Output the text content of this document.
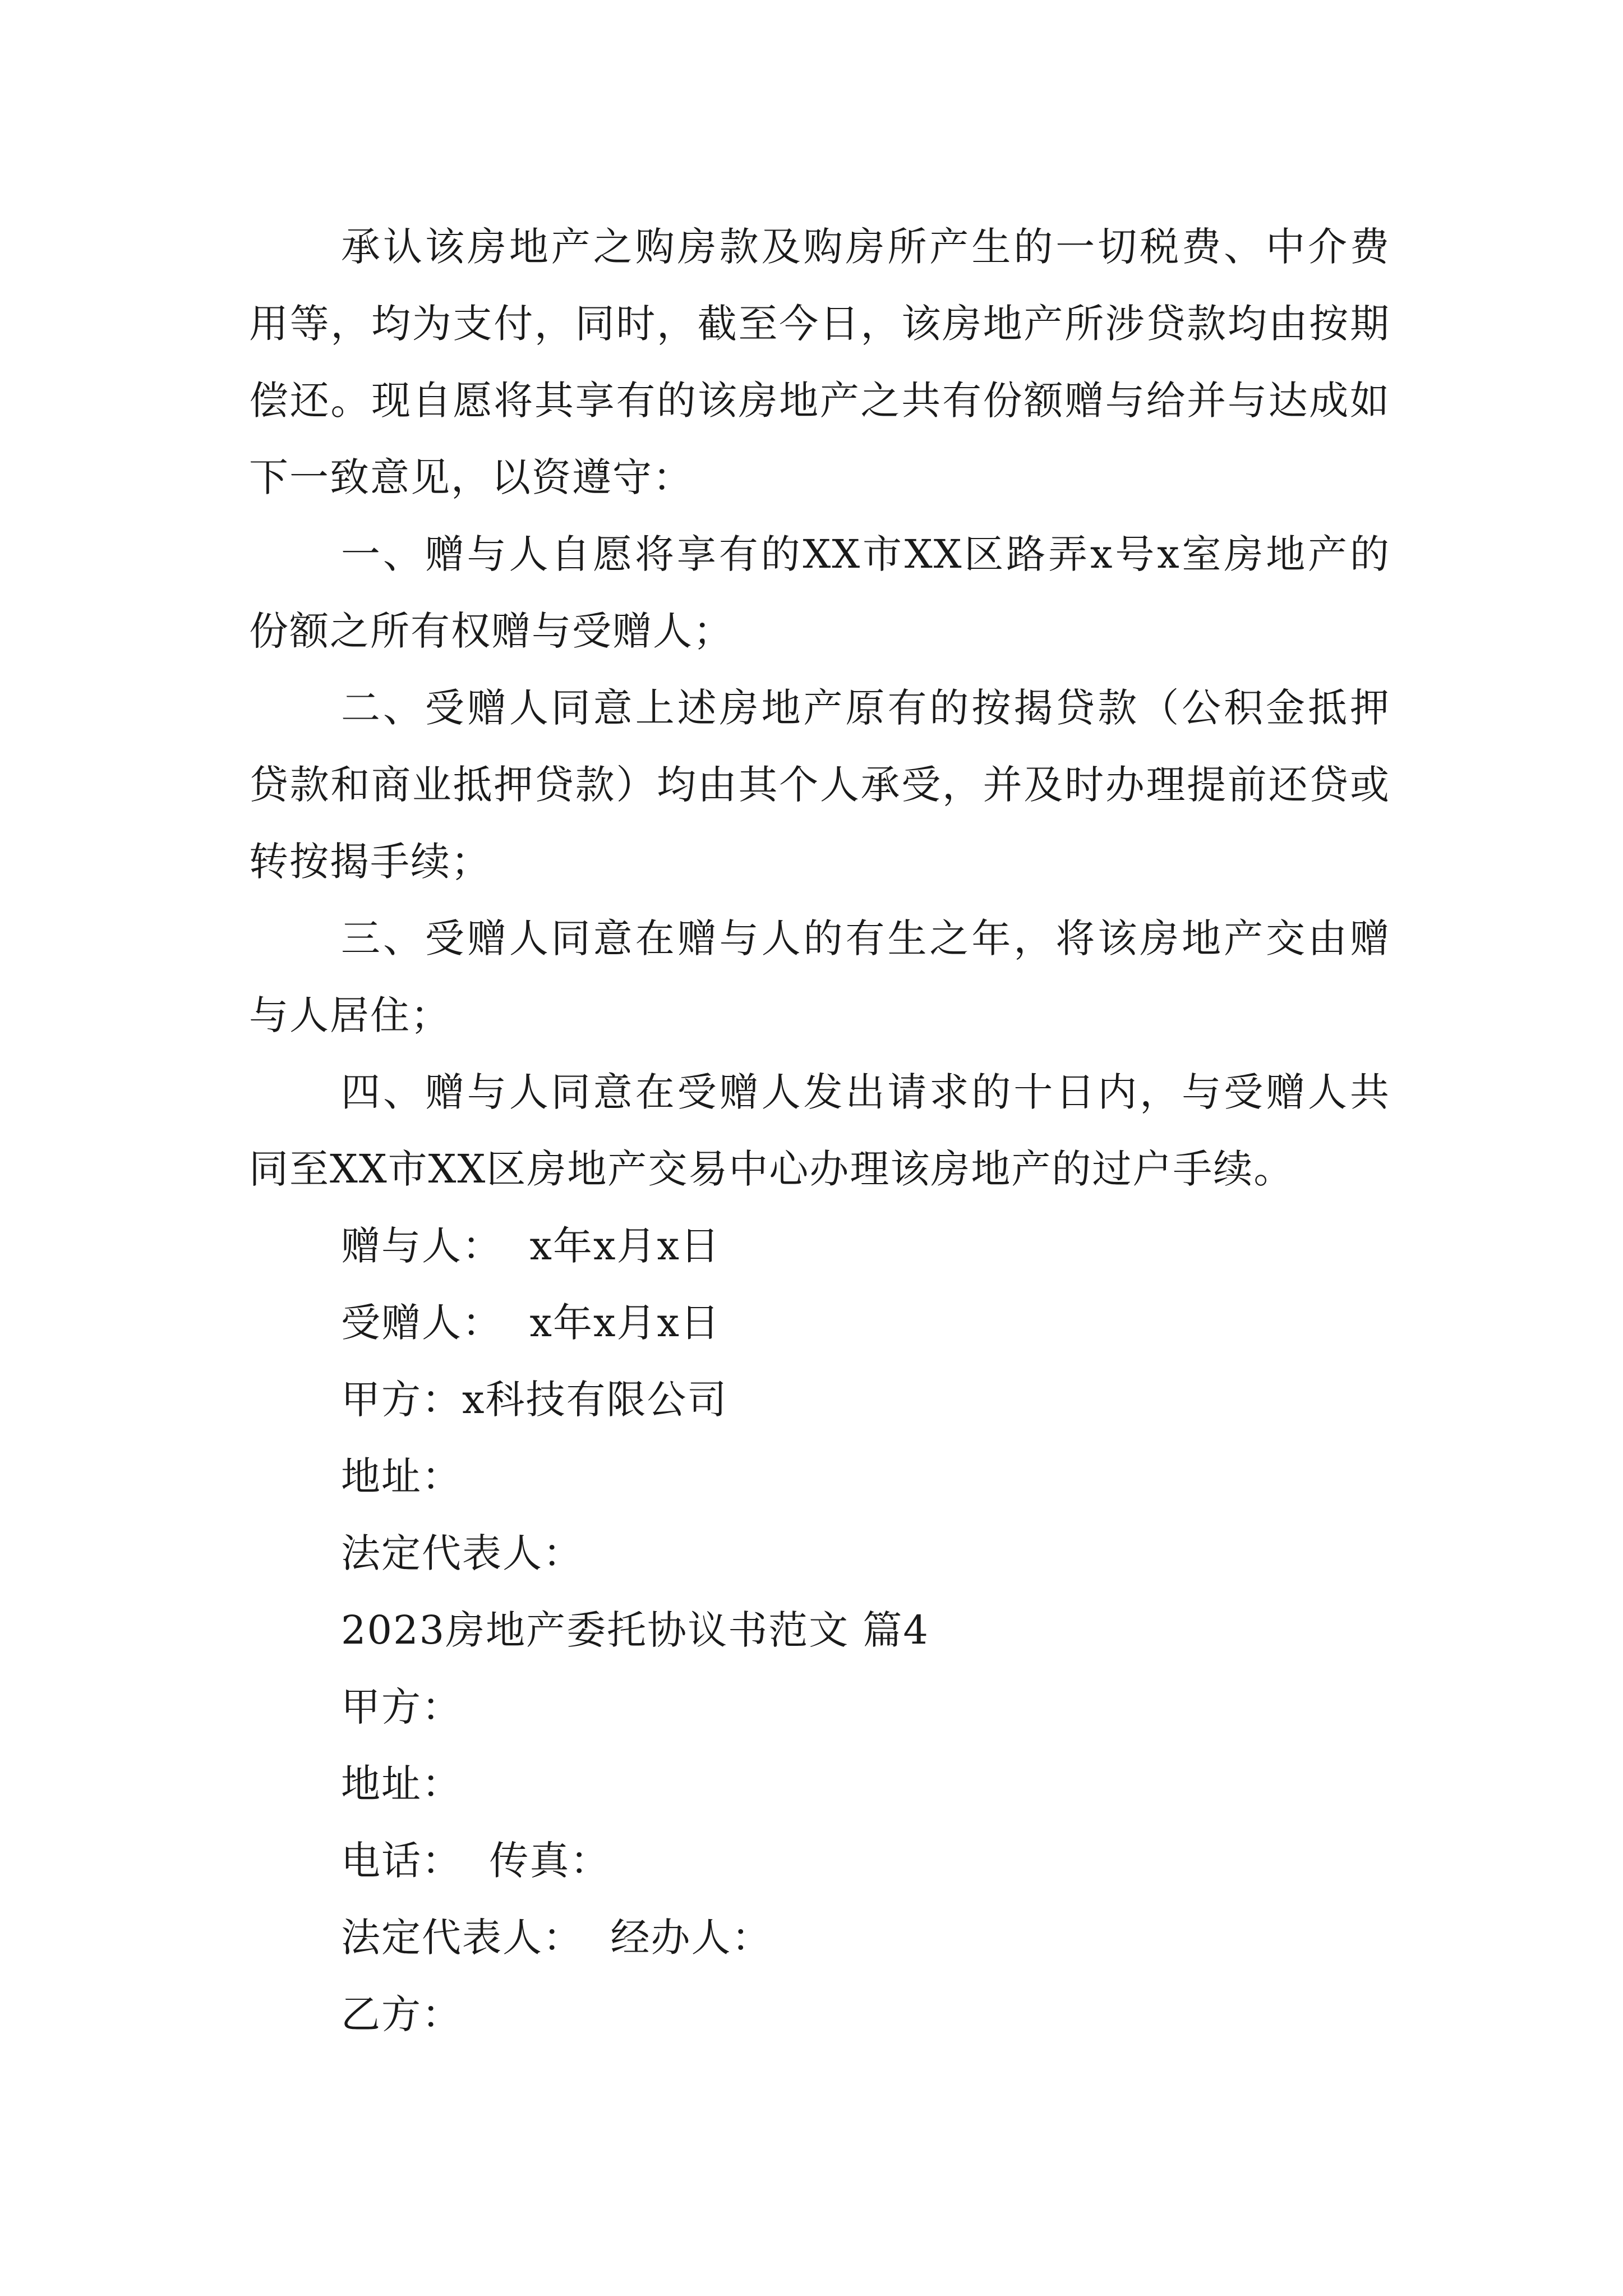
承认该房地产之购房款及购房所产生的一切税费、中介费用等，均为支付，同时，截至今日，该房地产所涉贷款均由按期偿还。现自愿将其享有的该房地产之共有份额赠与给并与达成如下一致意见，以资遵守：

一、赠与人自愿将享有的XX市XX区路弄x号x室房地产的份额之所有权赠与受赠人；

二、受赠人同意上述房地产原有的按揭贷款（公积金抵押贷款和商业抵押贷款）均由其个人承受，并及时办理提前还贷或转按揭手续；

三、受赠人同意在赠与人的有生之年，将该房地产交由赠与人居住；

四、赠与人同意在受赠人发出请求的十日内，与受赠人共同至XX市XX区房地产交易中心办理该房地产的过户手续。

赠与人：  x年x月x日

受赠人：  x年x月x日

甲方：x科技有限公司

地址：

法定代表人：

2023房地产委托协议书范文 篇4

甲方：

地址：

电话：  传真：

法定代表人：  经办人：

乙方：
